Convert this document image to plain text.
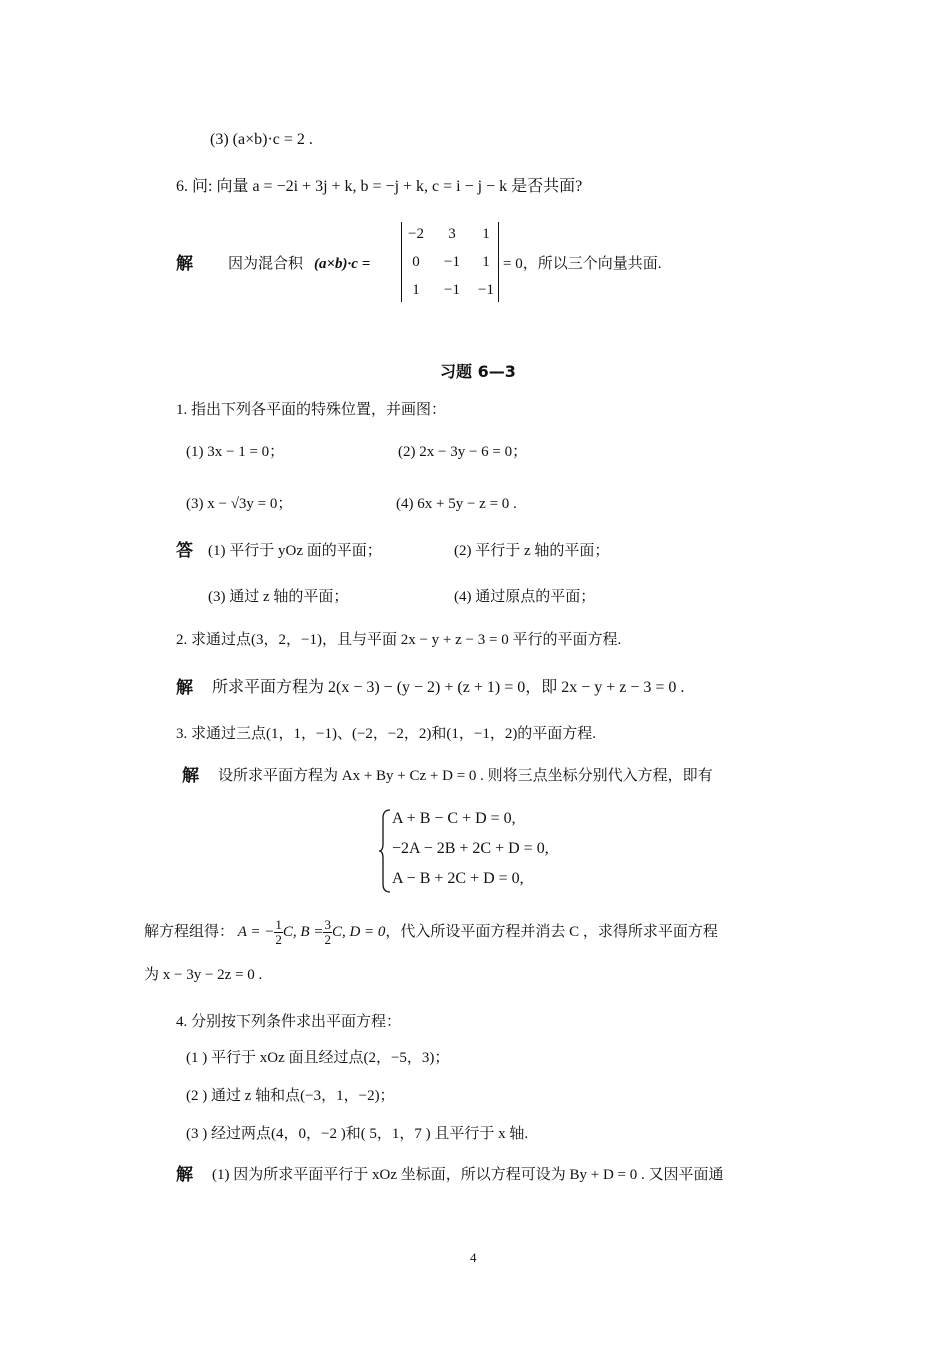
(3) (a×b)·c = 2 .
6. 问: 向量 a = −2i + 3j + k, b = −j + k, c = i − j − k 是否共面?
解 因为混合积 (a×b)·c =
−2	3	1
0	−1	1
1	−1	−1
= 0，所以三个向量共面.
习题 6—3
1. 指出下列各平面的特殊位置，并画图：
(1) 3x − 1 = 0；	(2) 2x − 3y − 6 = 0；
(3) x − √3y = 0；	(4) 6x + 5y − z = 0 .
答 (1) 平行于 yOz 面的平面；	(2) 平行于 z 轴的平面；
(3) 通过 z 轴的平面；	(4) 通过原点的平面；
2. 求通过点(3，2，−1)，且与平面 2x − y + z − 3 = 0 平行的平面方程.
解 所求平面方程为 2(x − 3) − (y − 2) + (z + 1) = 0，即 2x − y + z − 3 = 0 .
3. 求通过三点(1，1，−1)、(−2，−2，2)和(1，−1，2)的平面方程.
解 设所求平面方程为 Ax + By + Cz + D = 0 . 则将三点坐标分别代入方程，即有
A + B − C + D = 0,
−2A − 2B + 2C + D = 0,
A − B + 2C + D = 0,
解方程组得： A = − $\frac{1}{2} C$, $B = \frac{3}{2} C$, D = 0，代入所设平面方程并消去 C ，求得所求平面方程
为 x − 3y − 2z = 0 .
4. 分别按下列条件求出平面方程：
(1 ) 平行于 xOz 面且经过点(2，−5，3)；
(2 ) 通过 z 轴和点(−3，1，−2)；
(3 ) 经过两点(4，0，−2 )和( 5，1，7 ) 且平行于 x 轴.
解 (1) 因为所求平面平行于 xOz 坐标面，所以方程可设为 By + D = 0 . 又因平面通
4
